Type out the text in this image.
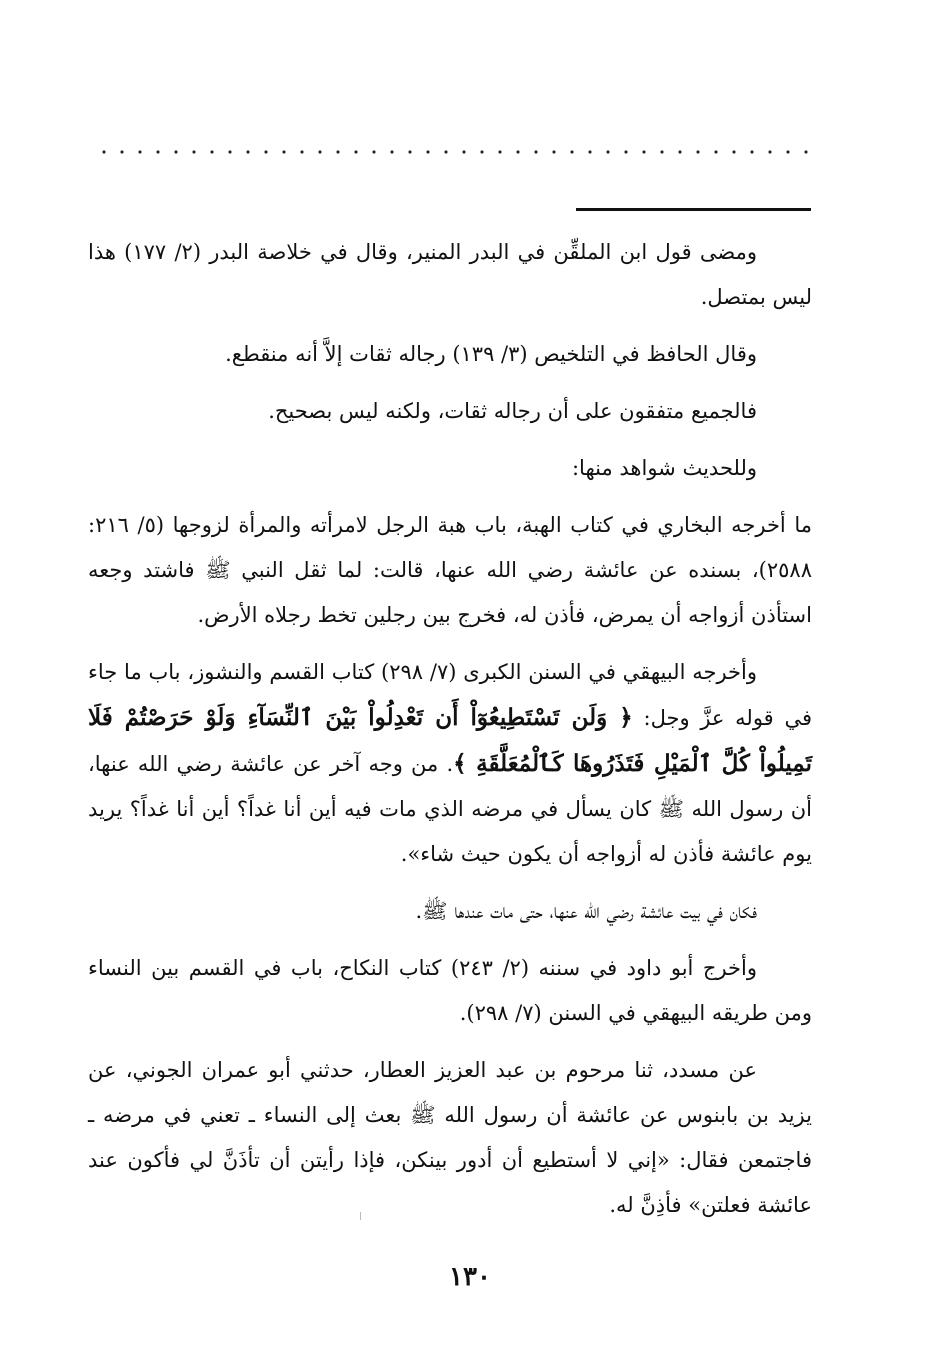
ومضى قول ابن الملقِّن في البدر المنير، وقال في خلاصة البدر (٢/ ١٧٧) هذا ليس بمتصل.

وقال الحافظ في التلخيص (٣/ ١٣٩) رجاله ثقات إلاَّ أنه منقطع.

فالجميع متفقون على أن رجاله ثقات، ولكنه ليس بصحيح.

وللحديث شواهد منها:

ما أخرجه البخاري في كتاب الهبة، باب هبة الرجل لامرأته والمرأة لزوجها (٥/ ٢١٦: ٢٥٨٨)، بسنده عن عائشة رضي الله عنها، قالت: لما ثقل النبي ﷺ فاشتد وجعه استأذن أزواجه أن يمرض، فأذن له، فخرج بين رجلين تخط رجلاه الأرض.

وأخرجه البيهقي في السنن الكبرى (٧/ ٢٩٨) كتاب القسم والنشوز، باب ما جاء في قوله عزَّ وجل: ﴿ وَلَن تَسْتَطِيعُوٓاْ أَن تَعْدِلُواْ بَيْنَ ٱلنِّسَآءِ وَلَوْ حَرَصْتُمْ فَلَا تَمِيلُواْ كُلَّ ٱلْمَيْلِ فَتَذَرُوهَا كَٱلْمُعَلَّقَةِ ﴾. من وجه آخر عن عائشة رضي الله عنها، أن رسول الله ﷺ كان يسأل في مرضه الذي مات فيه أين أنا غداً؟ أين أنا غداً؟ يريد يوم عائشة فأذن له أزواجه أن يكون حيث شاء».

فكان في بيت عائشة رضي الله عنها، حتى مات عندها ﷺ.

وأخرج أبو داود في سننه (٢/ ٢٤٣) كتاب النكاح، باب في القسم بين النساء ومن طريقه البيهقي في السنن (٧/ ٢٩٨).

عن مسدد، ثنا مرحوم بن عبد العزيز العطار، حدثني أبو عمران الجوني، عن يزيد بن بابنوس عن عائشة أن رسول الله ﷺ بعث إلى النساء ـ تعني في مرضه ـ فاجتمعن فقال: «إني لا أستطيع أن أدور بينكن، فإذا رأيتن أن تأذَنَّ لي فأكون عند عائشة فعلتن» فأذِنَّ له.

١٣٠
